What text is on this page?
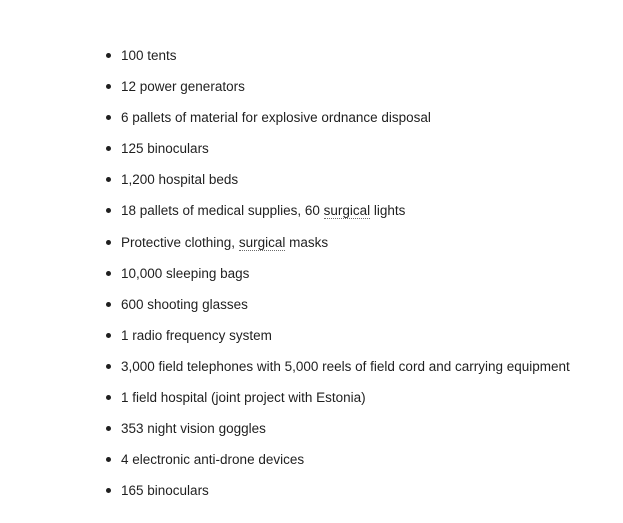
100 tents
12 power generators
6 pallets of material for explosive ordnance disposal
125 binoculars
1,200 hospital beds
18 pallets of medical supplies, 60 surgical lights
Protective clothing, surgical masks
10,000 sleeping bags
600 shooting glasses
1 radio frequency system
3,000 field telephones with 5,000 reels of field cord and carrying equipment
1 field hospital (joint project with Estonia)
353 night vision goggles
4 electronic anti-drone devices
165 binoculars
